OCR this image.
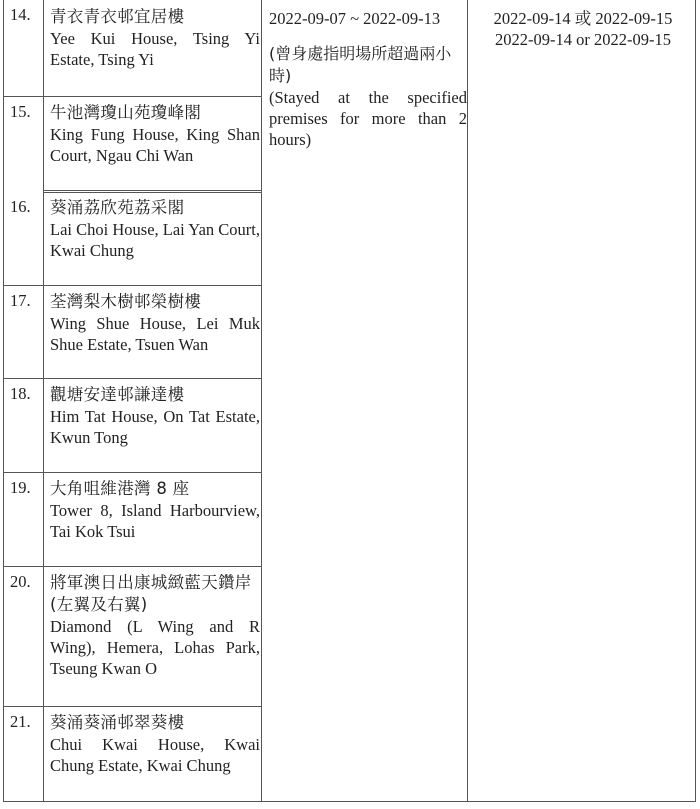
14. 青衣青衣邨宜居樓
Yee Kui House, Tsing Yi Estate, Tsing Yi
15. 牛池灣瓊山苑瓊峰閣
King Fung House, King Shan Court, Ngau Chi Wan
16. 葵涌荔欣苑荔采閣
Lai Choi House, Lai Yan Court, Kwai Chung
17. 荃灣梨木樹邨榮樹樓
Wing Shue House, Lei Muk Shue Estate, Tsuen Wan
18. 觀塘安達邨謙達樓
Him Tat House, On Tat Estate, Kwun Tong
19. 大角咀維港灣 8 座
Tower 8, Island Harbourview, Tai Kok Tsui
20. 將軍澳日出康城緻藍天鑽岸(左翼及右翼)
Diamond (L Wing and R Wing), Hemera, Lohas Park, Tseung Kwan O
21. 葵涌葵涌邨翠葵樓
Chui Kwai House, Kwai Chung Estate, Kwai Chung
2022-09-07 ~ 2022-09-13
(曾身處指明場所超過兩小時)
(Stayed at the specified premises for more than 2 hours)
2022-09-14 或 2022-09-15
2022-09-14 or 2022-09-15
